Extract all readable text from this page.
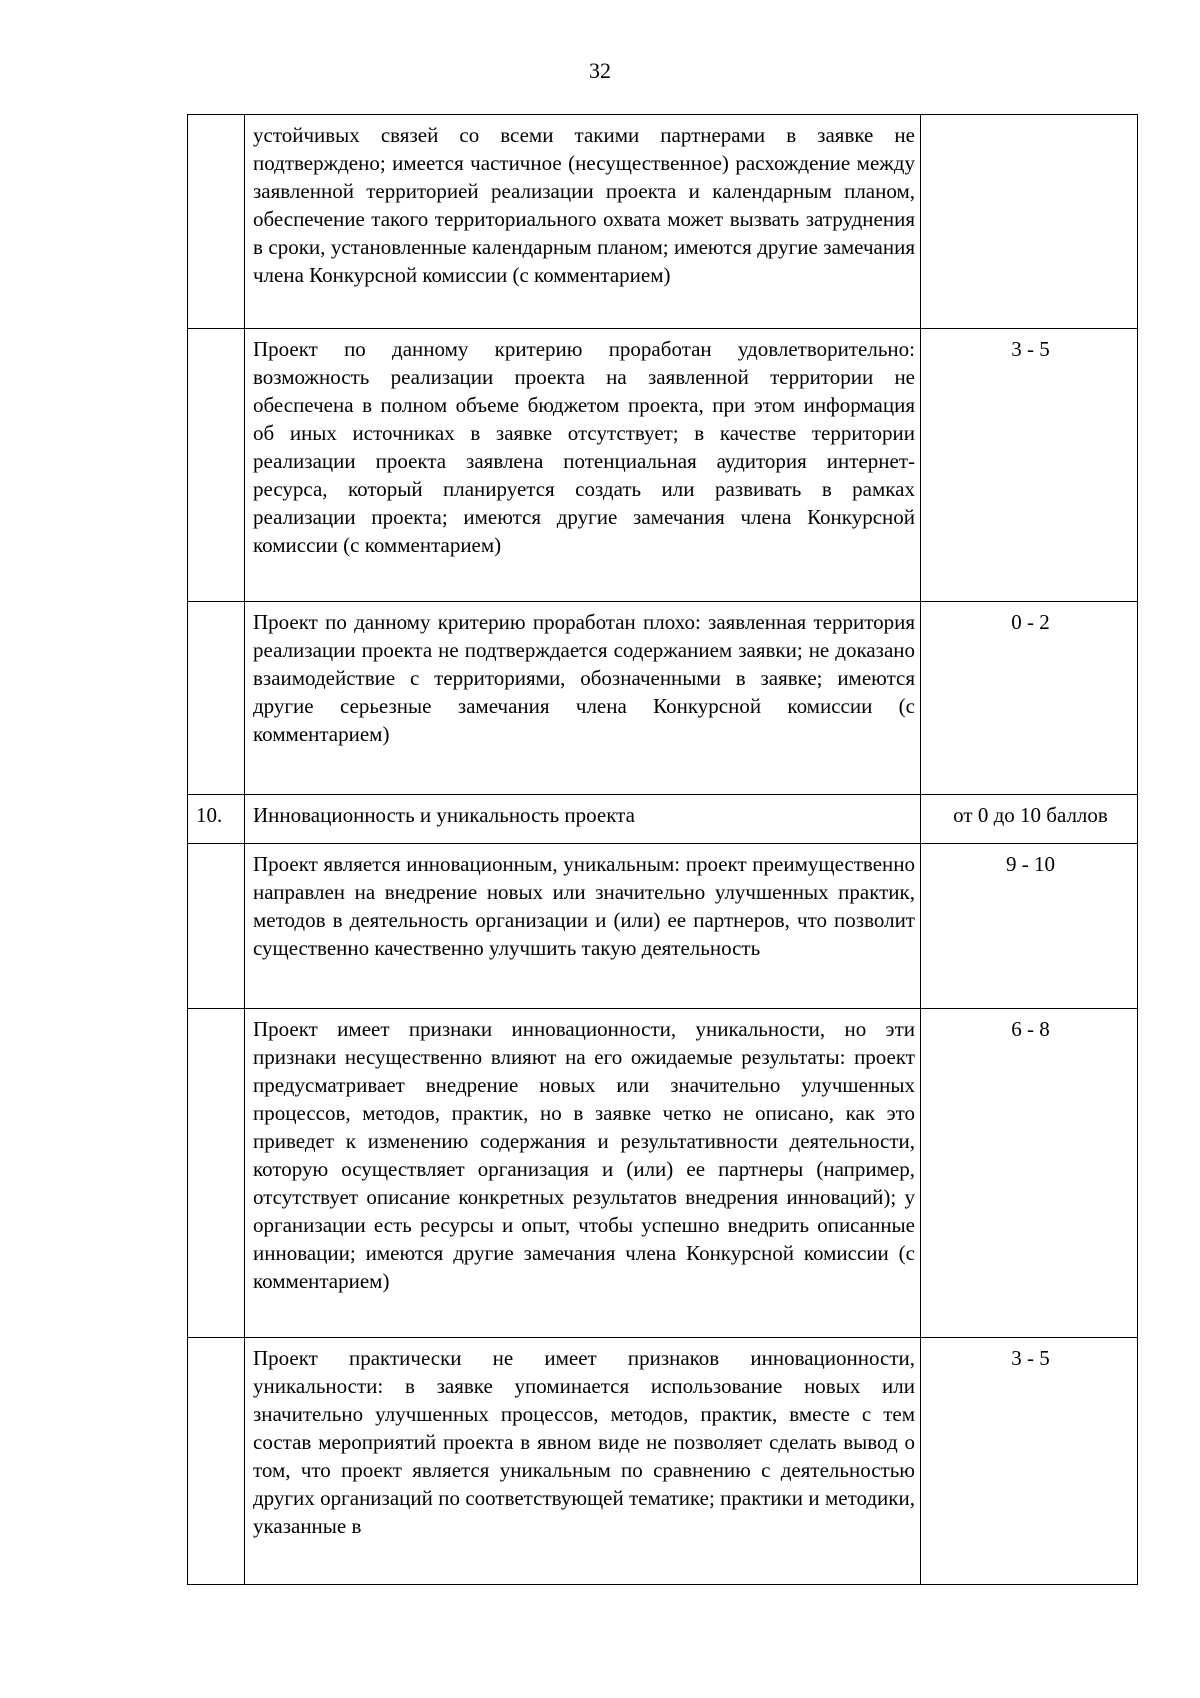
32
	устойчивых связей со всеми такими партнерами в заявке не подтверждено; имеется частичное (несущественное) расхождение между заявленной территорией реализации проекта и календарным планом, обеспечение такого территориального охвата может вызвать затруднения в сроки, установленные календарным планом; имеются другие замечания члена Конкурсной комиссии (с комментарием)	
	Проект по данному критерию проработан удовлетворительно: возможность реализации проекта на заявленной территории не обеспечена в полном объеме бюджетом проекта, при этом информация об иных источниках в заявке отсутствует; в качестве территории реализации проекта заявлена потенциальная аудитория интернет-ресурса, который планируется создать или развивать в рамках реализации проекта; имеются другие замечания члена Конкурсной комиссии (с комментарием)	3 - 5
	Проект по данному критерию проработан плохо: заявленная территория реализации проекта не подтверждается содержанием заявки; не доказано взаимодействие с территориями, обозначенными в заявке; имеются другие серьезные замечания члена Конкурсной комиссии (с комментарием)	0 - 2
10.	Инновационность и уникальность проекта	от 0 до 10 баллов
	Проект является инновационным, уникальным: проект преимущественно направлен на внедрение новых или значительно улучшенных практик, методов в деятельность организации и (или) ее партнеров, что позволит существенно качественно улучшить такую деятельность	9 - 10
	Проект имеет признаки инновационности, уникальности, но эти признаки несущественно влияют на его ожидаемые результаты: проект предусматривает внедрение новых или значительно улучшенных процессов, методов, практик, но в заявке четко не описано, как это приведет к изменению содержания и результативности деятельности, которую осуществляет организация и (или) ее партнеры (например, отсутствует описание конкретных результатов внедрения инноваций); у организации есть ресурсы и опыт, чтобы успешно внедрить описанные инновации; имеются другие замечания члена Конкурсной комиссии (с комментарием)	6 - 8
	Проект практически не имеет признаков инновационности, уникальности: в заявке упоминается использование новых или значительно улучшенных процессов, методов, практик, вместе с тем состав мероприятий проекта в явном виде не позволяет сделать вывод о том, что проект является уникальным по сравнению с деятельностью других организаций по соответствующей тематике; практики и методики, указанные в	3 - 5
